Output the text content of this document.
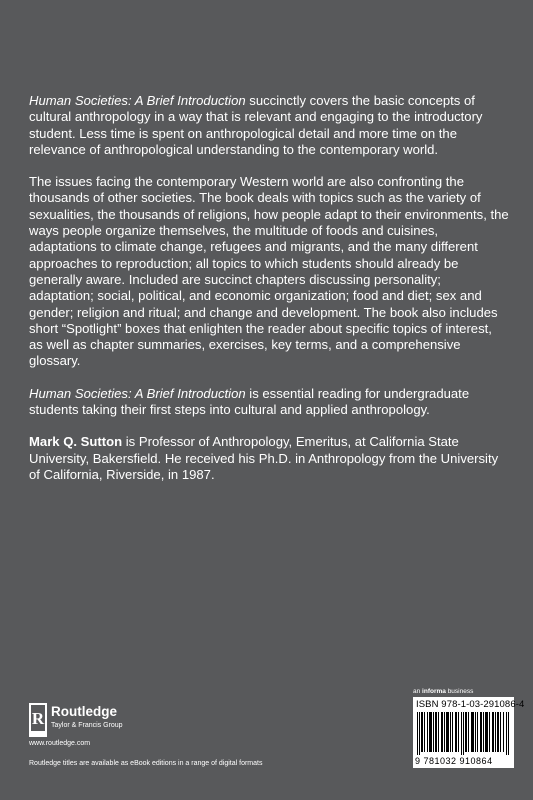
Human Societies: A Brief Introduction succinctly covers the basic concepts of cultural anthropology in a way that is relevant and engaging to the introductory student. Less time is spent on anthropological detail and more time on the relevance of anthropological understanding to the contemporary world.

The issues facing the contemporary Western world are also confronting the thousands of other societies. The book deals with topics such as the variety of sexualities, the thousands of religions, how people adapt to their environments, the ways people organize themselves, the multitude of foods and cuisines, adaptations to climate change, refugees and migrants, and the many different approaches to reproduction; all topics to which students should already be generally aware. Included are succinct chapters discussing personality; adaptation; social, political, and economic organization; food and diet; sex and gender; religion and ritual; and change and development. The book also includes short “Spotlight” boxes that enlighten the reader about specific topics of interest, as well as chapter summaries, exercises, key terms, and a comprehensive glossary.

Human Societies: A Brief Introduction is essential reading for undergraduate students taking their first steps into cultural and applied anthropology.

Mark Q. Sutton is Professor of Anthropology, Emeritus, at California State University, Bakersfield. He received his Ph.D. in Anthropology from the University of California, Riverside, in 1987.

an informa business
ISBN 978-1-03-291086-4
9 781032 910864
R Routledge
Taylor & Francis Group
www.routledge.com
Routledge titles are available as eBook editions in a range of digital formats
